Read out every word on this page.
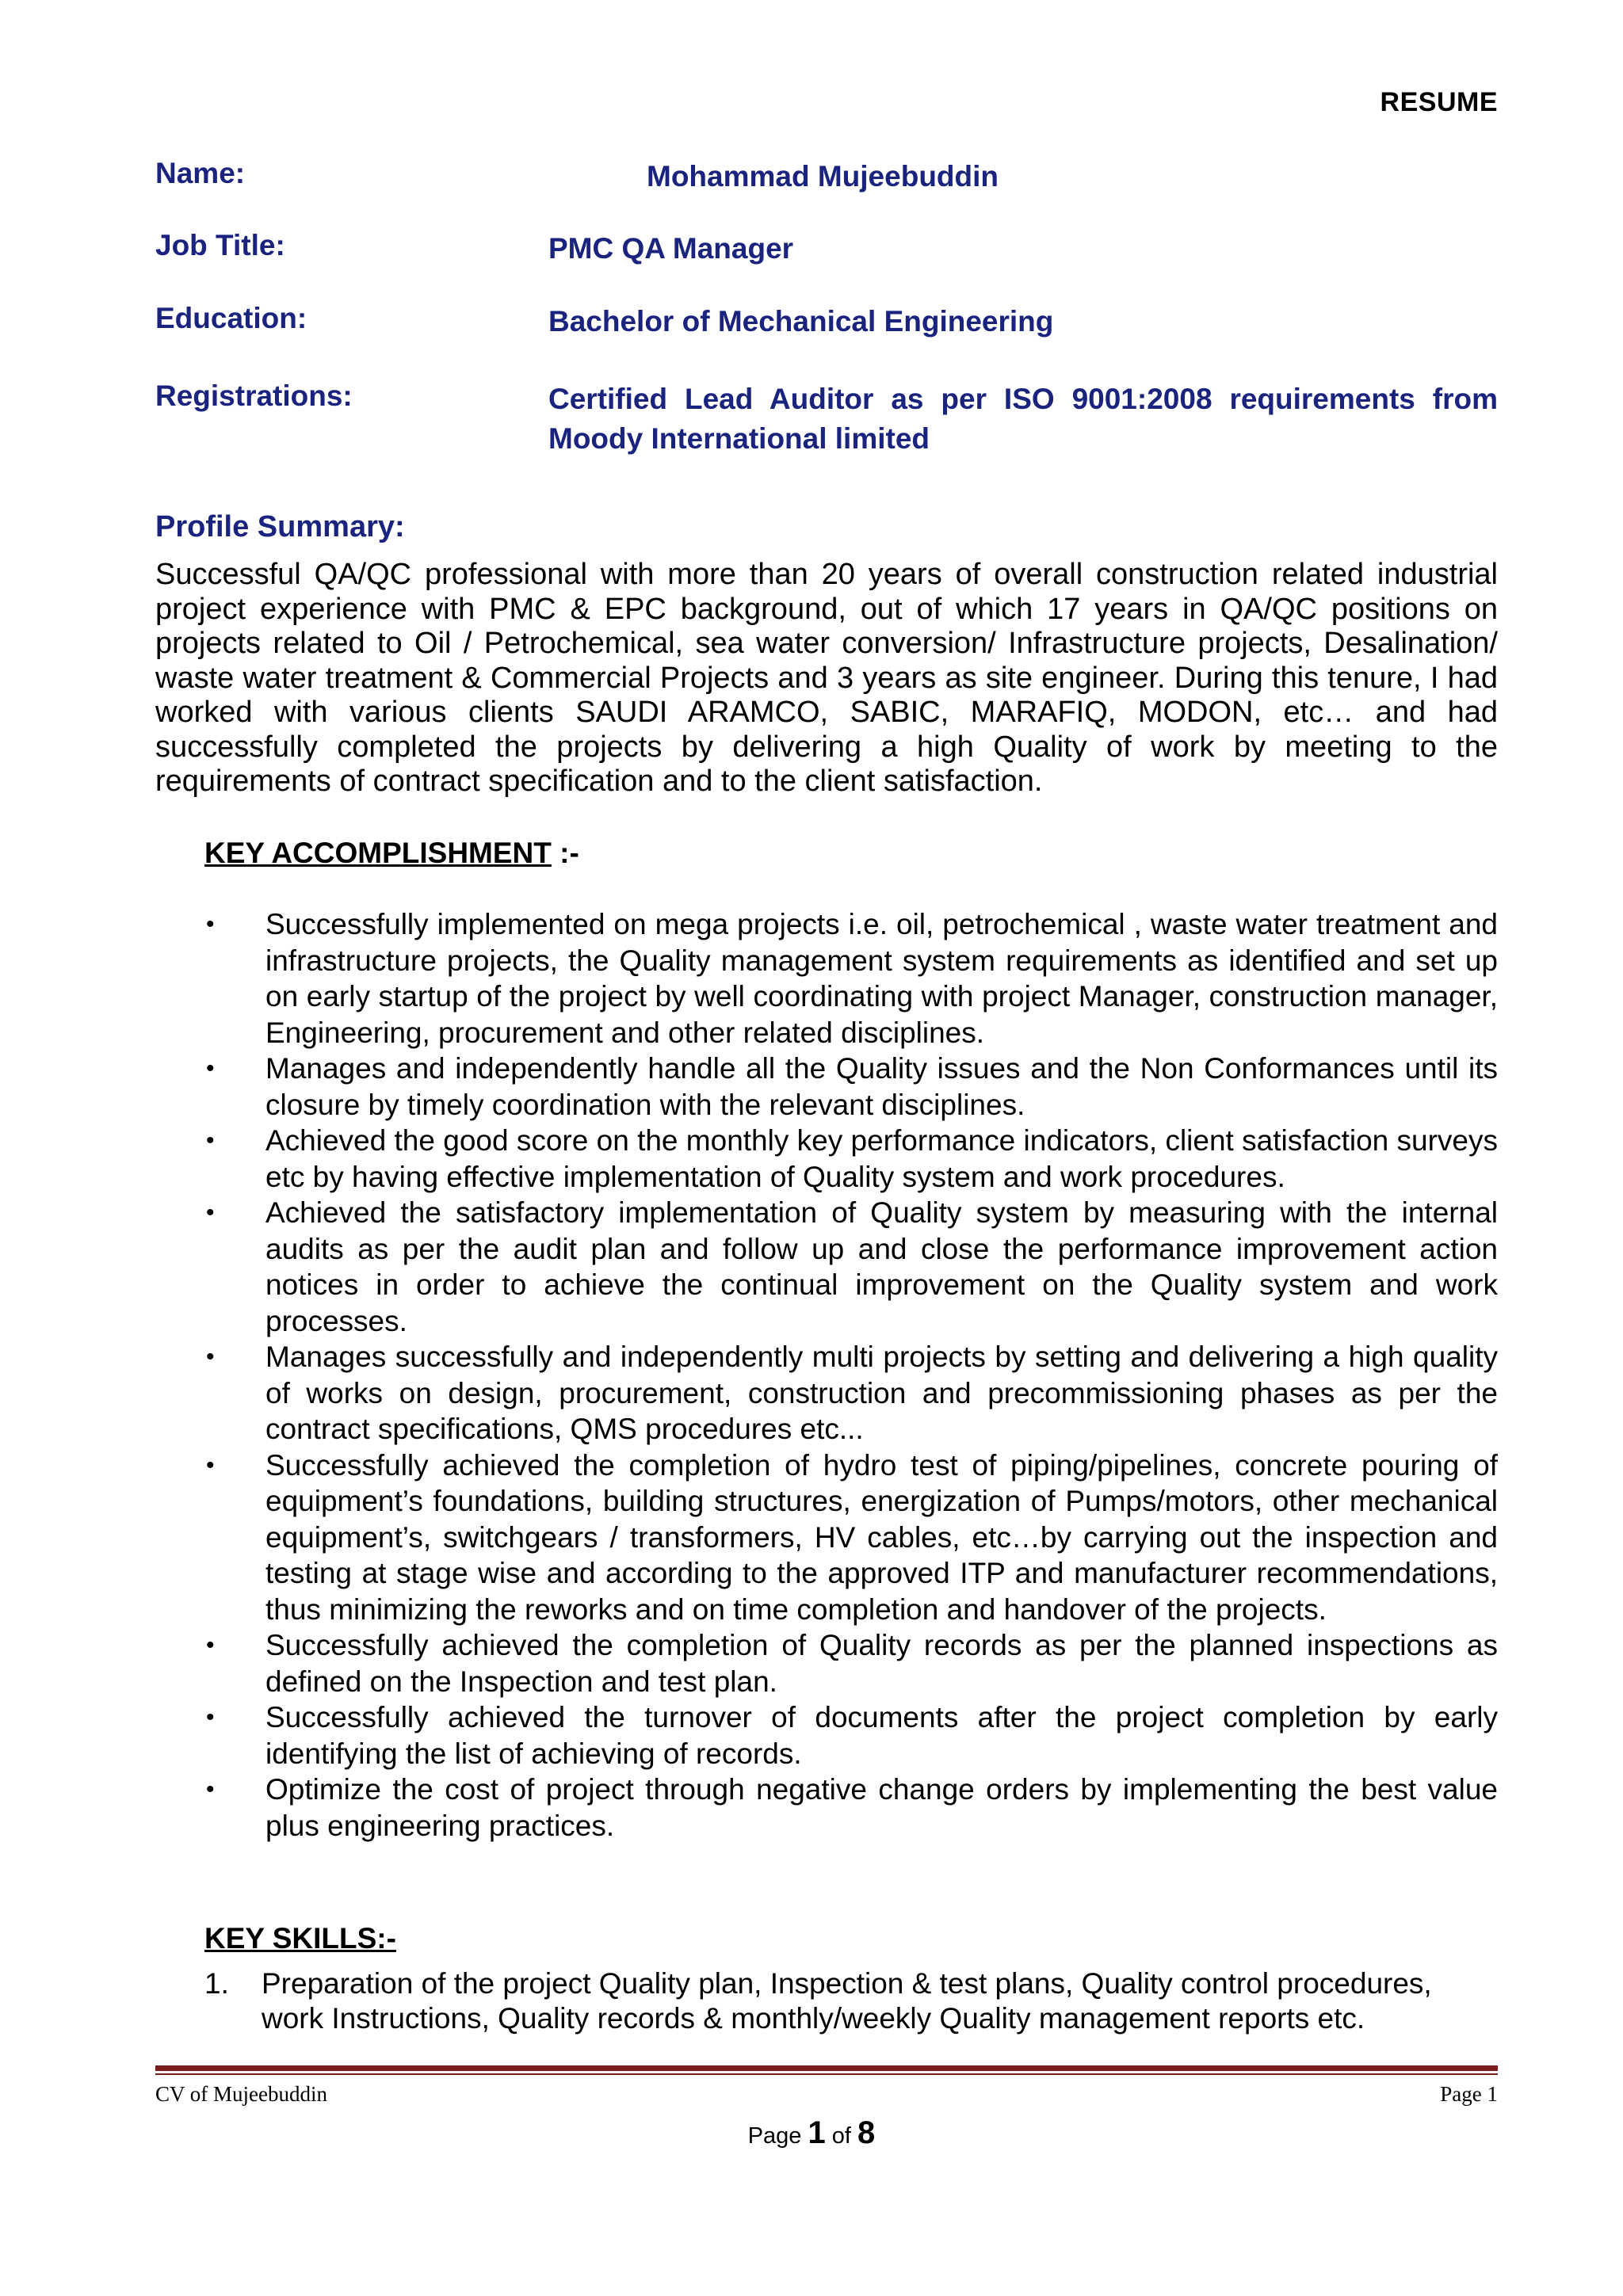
RESUME
Name:	Mohammad Mujeebuddin
Job Title:	PMC QA Manager
Education:	Bachelor of Mechanical Engineering
Registrations:	Certified Lead Auditor as per ISO 9001:2008 requirements from Moody International limited
Profile Summary:

Successful QA/QC professional with more than 20 years of overall construction related industrial project experience with PMC & EPC background, out of which 17 years in QA/QC positions on projects related to Oil / Petrochemical, sea water conversion/ Infrastructure projects, Desalination/ waste water treatment & Commercial Projects and 3 years as site engineer. During this tenure, I had worked with various clients SAUDI ARAMCO, SABIC, MARAFIQ, MODON, etc… and had successfully completed the projects by delivering a high Quality of work by meeting to the requirements of contract specification and to the client satisfaction.

KEY ACCOMPLISHMENT :-
• Successfully implemented on mega projects i.e. oil, petrochemical , waste water treatment and infrastructure projects, the Quality management system requirements as identified and set up on early startup of the project by well coordinating with project Manager, construction manager, Engineering, procurement and other related disciplines.
• Manages and independently handle all the Quality issues and the Non Conformances until its closure by timely coordination with the relevant disciplines.
• Achieved the good score on the monthly key performance indicators, client satisfaction surveys etc by having effective implementation of Quality system and work procedures.
• Achieved the satisfactory implementation of Quality system by measuring with the internal audits as per the audit plan and follow up and close the performance improvement action notices in order to achieve the continual improvement on the Quality system and work processes.
• Manages successfully and independently multi projects by setting and delivering a high quality of works on design, procurement, construction and precommissioning phases as per the contract specifications, QMS procedures etc...
• Successfully achieved the completion of hydro test of piping/pipelines, concrete pouring of equipment’s foundations, building structures, energization of Pumps/motors, other mechanical equipment’s, switchgears / transformers, HV cables, etc…by carrying out the inspection and testing at stage wise and according to the approved ITP and manufacturer recommendations, thus minimizing the reworks and on time completion and handover of the projects.
• Successfully achieved the completion of Quality records as per the planned inspections as defined on the Inspection and test plan.
• Successfully achieved the turnover of documents after the project completion by early identifying the list of achieving of records.
• Optimize the cost of project through negative change orders by implementing the best value plus engineering practices.
KEY SKILLS:-
1. Preparation of the project Quality plan, Inspection & test plans, Quality control procedures, work Instructions, Quality records & monthly/weekly Quality management reports etc.
CV of Mujeebuddin	Page 1
Page 1 of 8
